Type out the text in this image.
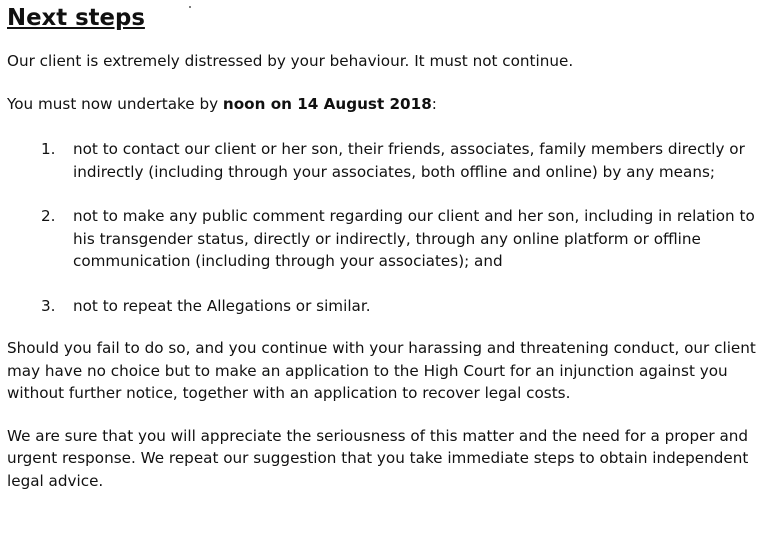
Next steps

Our client is extremely distressed by your behaviour. It must not continue.

You must now undertake by noon on 14 August 2018:

1.	not to contact our client or her son, their friends, associates, family members directly or indirectly (including through your associates, both offline and online) by any means;
2.	not to make any public comment regarding our client and her son, including in relation to his transgender status, directly or indirectly, through any online platform or offline communication (including through your associates); and
3.	not to repeat the Allegations or similar.

Should you fail to do so, and you continue with your harassing and threatening conduct, our client may have no choice but to make an application to the High Court for an injunction against you without further notice, together with an application to recover legal costs.

We are sure that you will appreciate the seriousness of this matter and the need for a proper and urgent response. We repeat our suggestion that you take immediate steps to obtain independent legal advice.
